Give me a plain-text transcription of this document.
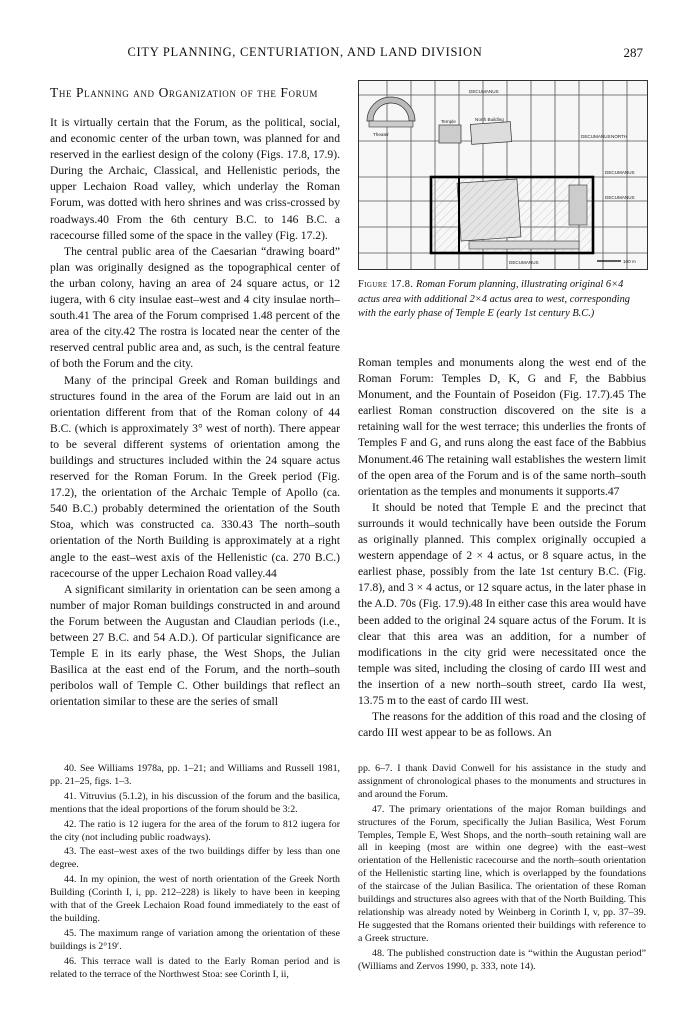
CITY PLANNING, CENTURIATION, AND LAND DIVISION	287
The Planning and Organization of the Forum

It is virtually certain that the Forum, as the political, social, and economic center of the urban town, was planned for and reserved in the earliest design of the colony (Figs. 17.8, 17.9). During the Archaic, Classical, and Hellenistic periods, the upper Lechaion Road valley, which underlay the Roman Forum, was dotted with hero shrines and was criss-crossed by roadways.40 From the 6th century B.C. to 146 B.C. a racecourse filled some of the space in the valley (Fig. 17.2).

The central public area of the Caesarian “drawing board” plan was originally designed as the topographical center of the urban colony, having an area of 24 square actus, or 12 iugera, with 6 city insulae east–west and 4 city insulae north–south.41 The area of the Forum comprised 1.48 percent of the area of the city.42 The rostra is located near the center of the reserved central public area and, as such, is the central feature of both the Forum and the city.

Many of the principal Greek and Roman buildings and structures found in the area of the Forum are laid out in an orientation different from that of the Roman colony of 44 B.C. (which is approximately 3° west of north). There appear to be several different systems of orientation among the buildings and structures included within the 24 square actus reserved for the Roman Forum. In the Greek period (Fig. 17.2), the orientation of the Archaic Temple of Apollo (ca. 540 B.C.) probably determined the orientation of the South Stoa, which was constructed ca. 330.43 The north–south orientation of the North Building is approximately at a right angle to the east–west axis of the Hellenistic (ca. 270 B.C.) racecourse of the upper Lechaion Road valley.44

A significant similarity in orientation can be seen among a number of major Roman buildings constructed in and around the Forum between the Augustan and Claudian periods (i.e., between 27 B.C. and 54 A.D.). Of particular significance are Temple E in its early phase, the West Shops, the Julian Basilica at the east end of the Forum, and the north–south peribolos wall of Temple C. Other buildings that reflect an orientation similar to these are the series of small

DECUMANUS
NORTH
DECUMANUS
DECUMANUS
DECUMANUS
DECUMANUS
Theater
Temple	North Building
100 m
Figure 17.8. Roman Forum planning, illustrating original 6×4 actus area with additional 2×4 actus area to west, corresponding with the early phase of Temple E (early 1st century B.C.)

Roman temples and monuments along the west end of the Roman Forum: Temples D, K, G and F, the Babbius Monument, and the Fountain of Poseidon (Fig. 17.7).45 The earliest Roman construction discovered on the site is a retaining wall for the west terrace; this underlies the fronts of Temples F and G, and runs along the east face of the Babbius Monument.46 The retaining wall establishes the western limit of the open area of the Forum and is of the same north–south orientation as the temples and monuments it supports.47

It should be noted that Temple E and the precinct that surrounds it would technically have been outside the Forum as originally planned. This complex originally occupied a western appendage of 2 × 4 actus, or 8 square actus, in the earliest phase, possibly from the late 1st century B.C. (Fig. 17.8), and 3 × 4 actus, or 12 square actus, in the later phase in the A.D. 70s (Fig. 17.9).48 In either case this area would have been added to the original 24 square actus of the Forum. It is clear that this area was an addition, for a number of modifications in the city grid were necessitated once the temple was sited, including the closing of cardo III west and the insertion of a new north–south street, cardo IIa west, 13.75 m to the east of cardo III west.

The reasons for the addition of this road and the closing of cardo III west appear to be as follows. An

40. See Williams 1978a, pp. 1–21; and Williams and Russell 1981, pp. 21–25, figs. 1–3.

41. Vitruvius (5.1.2), in his discussion of the forum and the basilica, mentions that the ideal proportions of the forum should be 3:2.

42. The ratio is 12 iugera for the area of the forum to 812 iugera for the city (not including public roadways).

43. The east–west axes of the two buildings differ by less than one degree.

44. In my opinion, the west of north orientation of the Greek North Building (Corinth I, i, pp. 212–228) is likely to have been in keeping with that of the Greek Lechaion Road found immediately to the east of the building.

45. The maximum range of variation among the orientation of these buildings is 2°19′.

46. This terrace wall is dated to the Early Roman period and is related to the terrace of the Northwest Stoa: see Corinth I, ii,

pp. 6–7. I thank David Conwell for his assistance in the study and assignment of chronological phases to the monuments and structures in and around the Forum.

47. The primary orientations of the major Roman buildings and structures of the Forum, specifically the Julian Basilica, West Forum Temples, Temple E, West Shops, and the north–south retaining wall are all in keeping (most are within one degree) with the east–west orientation of the Hellenistic racecourse and the north–south orientation of the Hellenistic starting line, which is overlapped by the foundations of the staircase of the Julian Basilica. The orientation of these Roman buildings and structures also agrees with that of the North Building. This relationship was already noted by Weinberg in Corinth I, v, pp. 37–39. He suggested that the Romans oriented their buildings with reference to a Greek structure.

48. The published construction date is “within the Augustan period” (Williams and Zervos 1990, p. 333, note 14).
